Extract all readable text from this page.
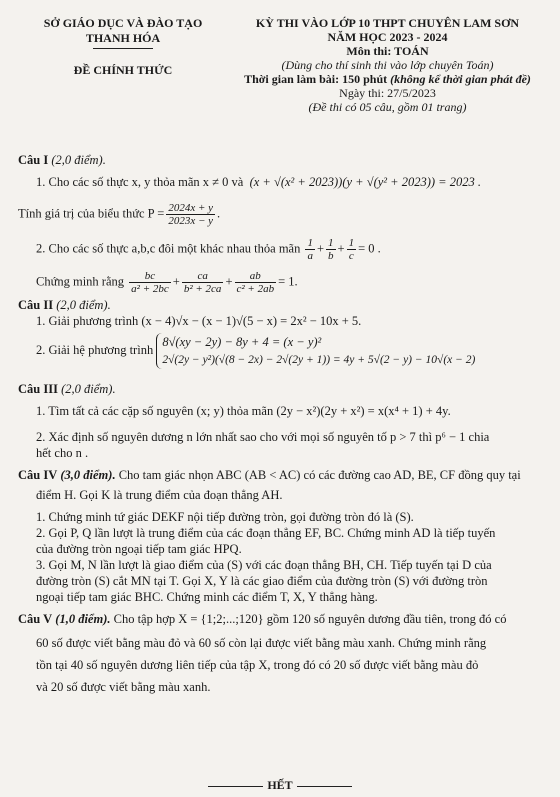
SỞ GIÁO DỤC VÀ ĐÀO TẠO
THANH HÓA
ĐỀ CHÍNH THỨC
KỲ THI VÀO LỚP 10 THPT CHUYÊN LAM SƠN
NĂM HỌC 2023 - 2024
Môn thi: TOÁN
(Dùng cho thí sinh thi vào lớp chuyên Toán)
Thời gian làm bài: 150 phút (không kể thời gian phát đề)
Ngày thi: 27/5/2023
(Đề thi có 05 câu, gồm 01 trang)

Câu I (2,0 điểm).

1. Cho các số thực x, y thỏa mãn x ≠ 0 và (x + √(x² + 2023))(y + √(y² + 2023)) = 2023 .

Tính giá trị của biểu thức $P = \frac{2024x + y}{2023x - y}$ .

2. Cho các số thực a,b,c đôi một khác nhau thỏa mãn $\frac{1}{a} + \frac{1}{b} + \frac{1}{c} = 0$ .

Chứng minh rằng $\frac{bc}{\text{a² + 2bc}} + \frac{ca}{\text{b² + 2ca}} + \frac{ab}{\text{c² + 2ab}} = 1$.

Câu II (2,0 điểm).

1. Giải phương trình (x − 4)√x − (x − 1)√(5 − x) = 2x² − 10x + 5.

2. Giải hệ phương trình
8√(xy − 2y) − 8y + 4 = (x − y)²
2√(2y − y²)(√(8 − 2x) − 2√(2y + 1)) = 4y + 5√(2 − y) − 10√(x − 2)

Câu III (2,0 điểm).

1. Tìm tất cả các cặp số nguyên (x; y) thỏa mãn (2y − x²)(2y + x²) = x(x⁴ + 1) + 4y.

2. Xác định số nguyên dương n lớn nhất sao cho với mọi số nguyên tố p > 7 thì p⁶ − 1 chia

hết cho n .

Câu IV (3,0 điểm). Cho tam giác nhọn ABC (AB < AC) có các đường cao AD, BE, CF đồng quy tại

điểm H. Gọi K là trung điểm của đoạn thẳng AH.

1. Chứng minh tứ giác DEKF nội tiếp đường tròn, gọi đường tròn đó là (S).

2. Gọi P, Q lần lượt là trung điểm của các đoạn thẳng EF, BC. Chứng minh AD là tiếp tuyến

của đường tròn ngoại tiếp tam giác HPQ.

3. Gọi M, N lần lượt là giao điểm của (S) với các đoạn thẳng BH, CH. Tiếp tuyến tại D của

đường tròn (S) cắt MN tại T. Gọi X, Y là các giao điểm của đường tròn (S) với đường tròn

ngoại tiếp tam giác BHC. Chứng minh các điểm T, X, Y thẳng hàng.

Câu V (1,0 điểm). Cho tập hợp X = {1;2;...;120} gồm 120 số nguyên dương đầu tiên, trong đó có

60 số được viết bằng màu đỏ và 60 số còn lại được viết bằng màu xanh. Chứng minh rằng

tồn tại 40 số nguyên dương liên tiếp của tập X, trong đó có 20 số được viết bằng màu đỏ

và 20 số được viết bằng màu xanh.

HẾT
